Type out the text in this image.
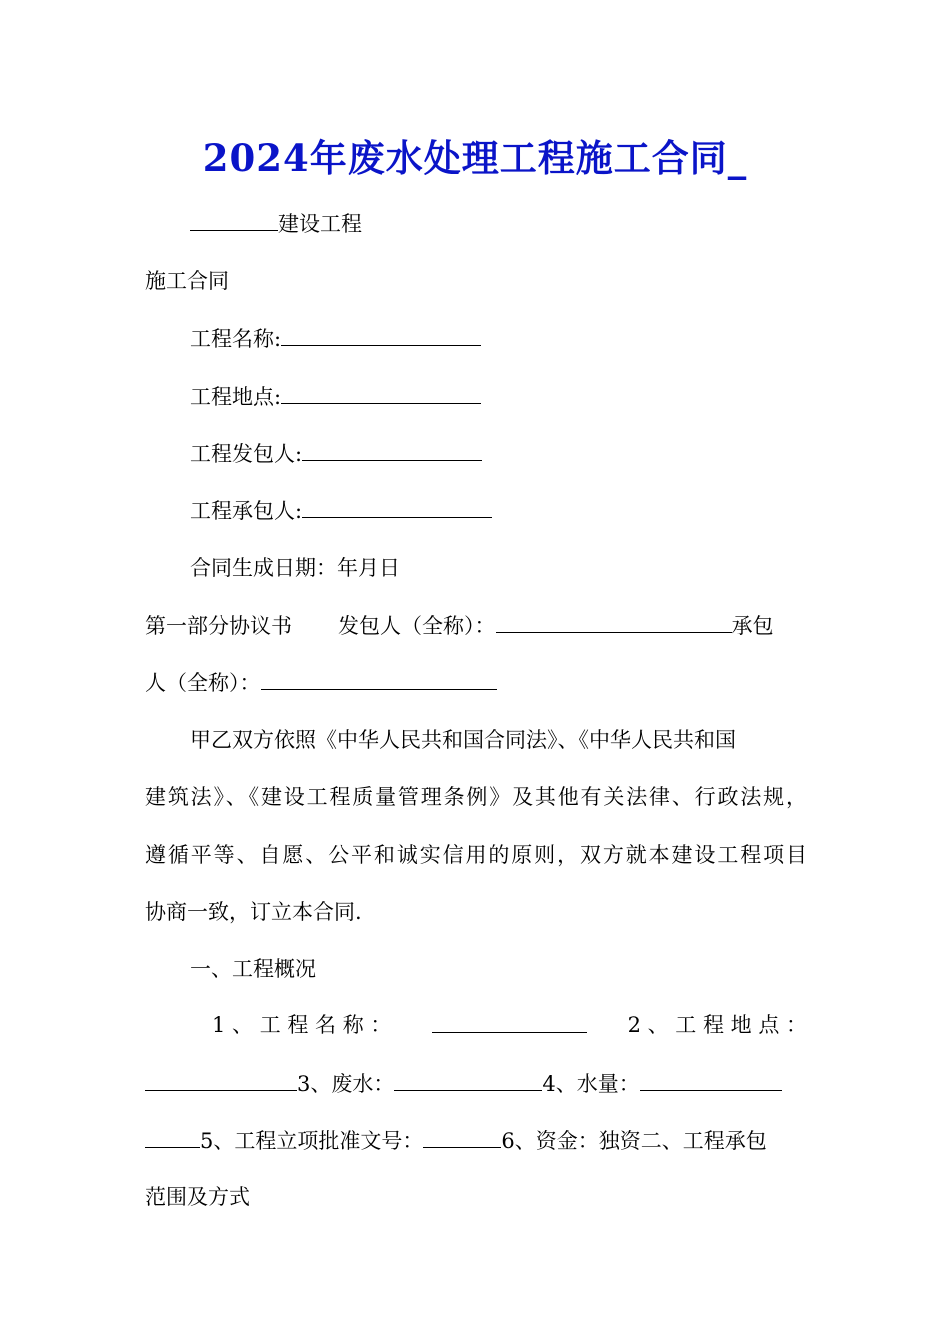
2024年废水处理工程施工合同_
建设工程
施工合同
工程名称:
工程地点:
工程发包人:
工程承包人:
合同生成日期：年月日
第一部分协议书 发包人（全称）：	承包
人（全称）：
甲乙双方依照《中华人民共和国合同法》、《中华人民共和国
建筑法》、《建设工程质量管理条例》及其他有关法律、行政法规，
遵循平等、自愿、公平和诚实信用的原则，双方就本建设工程项目
协商一致，订立本合同.
一、工程概况
1 、 工 程 名 称 ：	2 、 工 程 地 点 ：
3、废水：	4、水量：
5、工程立项批准文号：	6、资金：独资二、工程承包
范围及方式
